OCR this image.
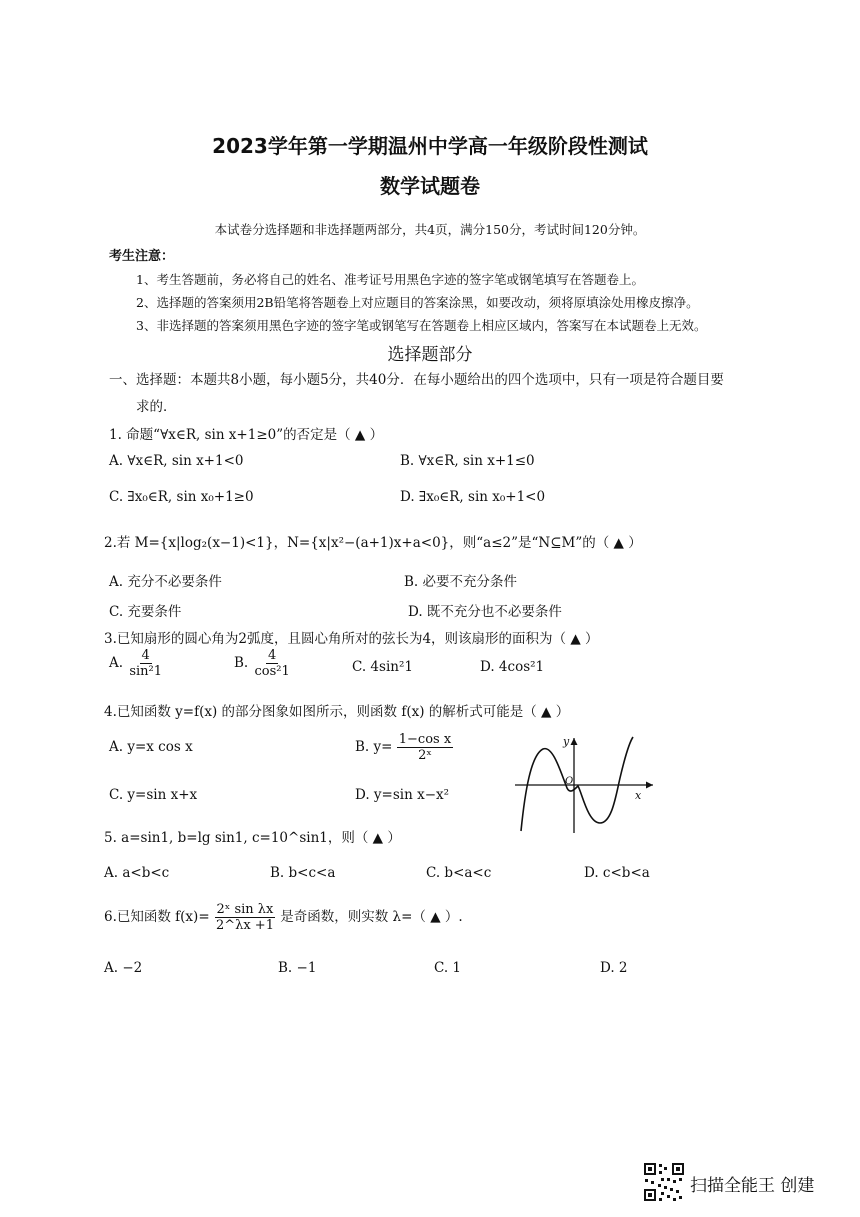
2023学年第一学期温州中学高一年级阶段性测试
数学试题卷
本试卷分选择题和非选择题两部分，共4页，满分150分，考试时间120分钟。
考生注意：
1、考生答题前，务必将自己的姓名、准考证号用黑色字迹的签字笔或钢笔填写在答题卷上。
2、选择题的答案须用2B铅笔将答题卷上对应题目的答案涂黑，如要改动，须将原填涂处用橡皮擦净。
3、非选择题的答案须用黑色字迹的签字笔或钢笔写在答题卷上相应区域内，答案写在本试题卷上无效。
选择题部分
一、选择题：本题共8小题，每小题5分，共40分．在每小题给出的四个选项中，只有一项是符合题目要
求的．
1. 命题“∀x∈R, sin x+1≥0”的否定是（ ▲ ）
A. ∀x∈R, sin x+1<0	B. ∀x∈R, sin x+1≤0
C. ∃x₀∈R, sin x₀+1≥0	D. ∃x₀∈R, sin x₀+1<0
2.若 M={x|log₂(x−1)<1}，N={x|x²−(a+1)x+a<0}，则“a≤2”是“N⊆M”的（ ▲ ）
A. 充分不必要条件	B. 必要不充分条件
C. 充要条件	D. 既不充分也不必要条件
3.已知扇形的圆心角为2弧度，且圆心角所对的弦长为4，则该扇形的面积为（ ▲ ）
A. $\frac{4}{\text{sin²1}}$	B. $\frac{4}{\text{cos²1}}$	C. 4sin²1	D. 4cos²1
4.已知函数 y=f(x) 的部分图象如图所示，则函数 f(x) 的解析式可能是（ ▲ ）
A. y=x cos x	B. $y= \frac{\text{1−cos x}}{\text{2ˣ}}$
C. y=sin x+x	D. y=sin x−x²
y
x
O
5. a=sin1, b=lg sin1, c=10^sin1，则（ ▲ ）
A. a<b<c	B. b<c<a	C. b<a<c	D. c<b<a
6.已知函数 $f(x)= \frac{\text{2ˣ sin λx}}{2\^{}\lambda x +1}$ 是奇函数，则实数 λ=（ ▲ ）.
A. −2	B. −1	C. 1	D. 2
扫描全能王 创建
